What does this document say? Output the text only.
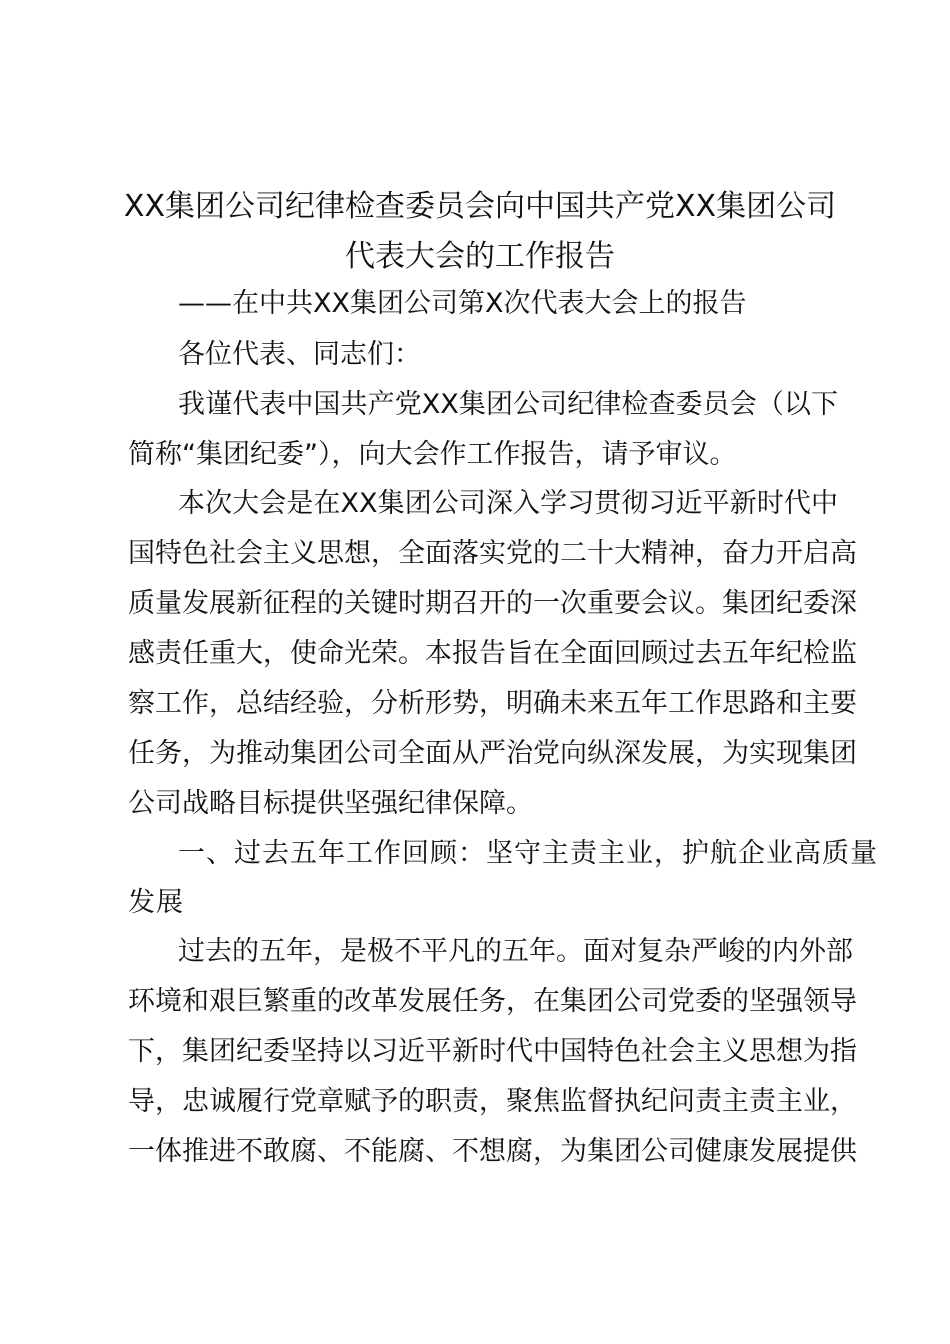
XX集团公司纪律检查委员会向中国共产党XX集团公司
代表大会的工作报告
——在中共XX集团公司第X次代表大会上的报告
各位代表、同志们：
我谨代表中国共产党XX集团公司纪律检查委员会（以下
简称“集团纪委”），向大会作工作报告，请予审议。
本次大会是在XX集团公司深入学习贯彻习近平新时代中
国特色社会主义思想，全面落实党的二十大精神，奋力开启高
质量发展新征程的关键时期召开的一次重要会议。集团纪委深
感责任重大，使命光荣。本报告旨在全面回顾过去五年纪检监
察工作，总结经验，分析形势，明确未来五年工作思路和主要
任务，为推动集团公司全面从严治党向纵深发展，为实现集团
公司战略目标提供坚强纪律保障。
一、过去五年工作回顾：坚守主责主业，护航企业高质量
发展
过去的五年，是极不平凡的五年。面对复杂严峻的内外部
环境和艰巨繁重的改革发展任务，在集团公司党委的坚强领导
下，集团纪委坚持以习近平新时代中国特色社会主义思想为指
导，忠诚履行党章赋予的职责，聚焦监督执纪问责主责主业，
一体推进不敢腐、不能腐、不想腐，为集团公司健康发展提供
